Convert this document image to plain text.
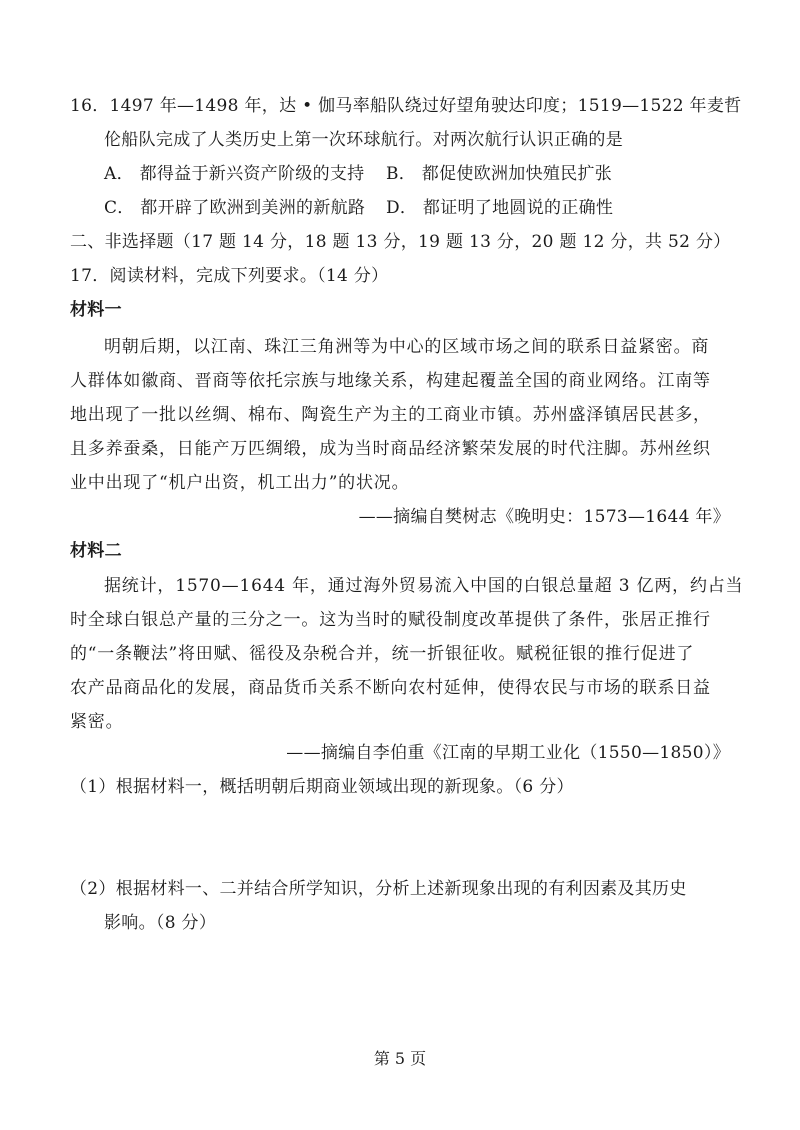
16．1497 年—1498 年，达 • 伽马率船队绕过好望角驶达印度；1519—1522 年麦哲
伦船队完成了人类历史上第一次环球航行。对两次航行认识正确的是
A． 都得益于新兴资产阶级的支持 B． 都促使欧洲加快殖民扩张
C． 都开辟了欧洲到美洲的新航路 D． 都证明了地圆说的正确性
二、非选择题（17 题 14 分，18 题 13 分，19 题 13 分，20 题 12 分，共 52 分）
17．阅读材料，完成下列要求。（14 分）
材料一
明朝后期，以江南、珠江三角洲等为中心的区域市场之间的联系日益紧密。商
人群体如徽商、晋商等依托宗族与地缘关系，构建起覆盖全国的商业网络。江南等
地出现了一批以丝绸、棉布、陶瓷生产为主的工商业市镇。苏州盛泽镇居民甚多，
且多养蚕桑，日能产万匹绸缎，成为当时商品经济繁荣发展的时代注脚。苏州丝织
业中出现了“机户出资，机工出力”的状况。
——摘编自樊树志《晚明史：1573—1644 年》
材料二
据统计，1570—1644 年，通过海外贸易流入中国的白银总量超 3 亿两，约占当
时全球白银总产量的三分之一。这为当时的赋役制度改革提供了条件，张居正推行
的“一条鞭法”将田赋、徭役及杂税合并，统一折银征收。赋税征银的推行促进了
农产品商品化的发展，商品货币关系不断向农村延伸，使得农民与市场的联系日益
紧密。
——摘编自李伯重《江南的早期工业化（1550—1850）》
（1）根据材料一，概括明朝后期商业领域出现的新现象。（6 分）
（2）根据材料一、二并结合所学知识，分析上述新现象出现的有利因素及其历史
影响。（8 分）
第 5 页
